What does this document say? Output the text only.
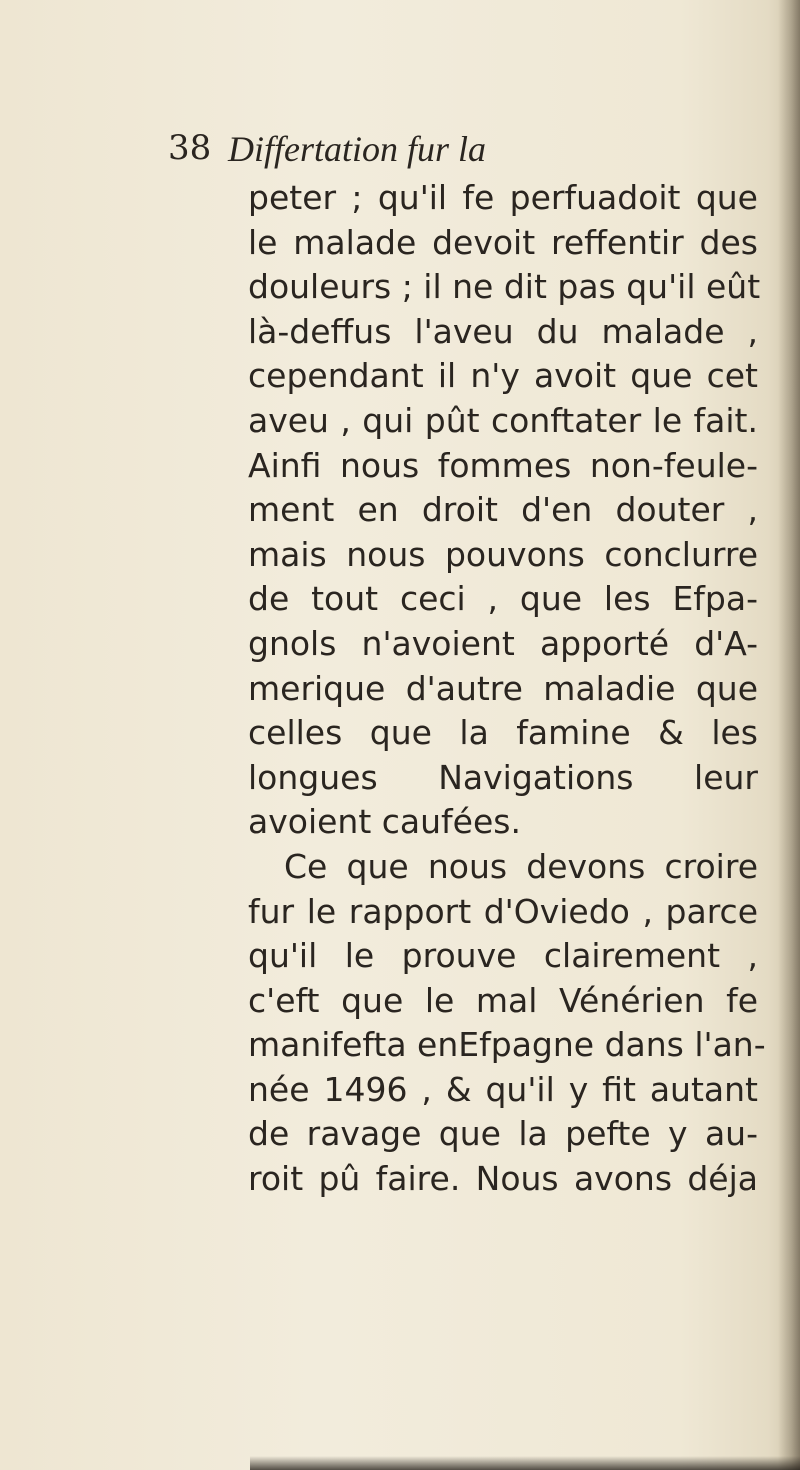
38 Differtation fur la
peter ; qu'il fe perfuadoit que
le malade devoit reffentir des
douleurs ; il ne dit pas qu'il eût
là-deffus l'aveu du malade ,
cependant il n'y avoit que cet
aveu , qui pût conftater le fait.
Ainfi nous fommes non-feule-
ment en droit d'en douter ,
mais nous pouvons conclurre
de tout ceci , que les Efpa-
gnols n'avoient apporté d'A-
merique d'autre maladie que
celles que la famine & les
longues Navigations leur
avoient caufées.
Ce que nous devons croire
fur le rapport d'Oviedo , parce
qu'il le prouve clairement ,
c'eft que le mal Vénérien fe
manifefta enEfpagne dans l'an-
née 1496 , & qu'il y fit autant
de ravage que la pefte y au-
roit pû faire. Nous avons déja
